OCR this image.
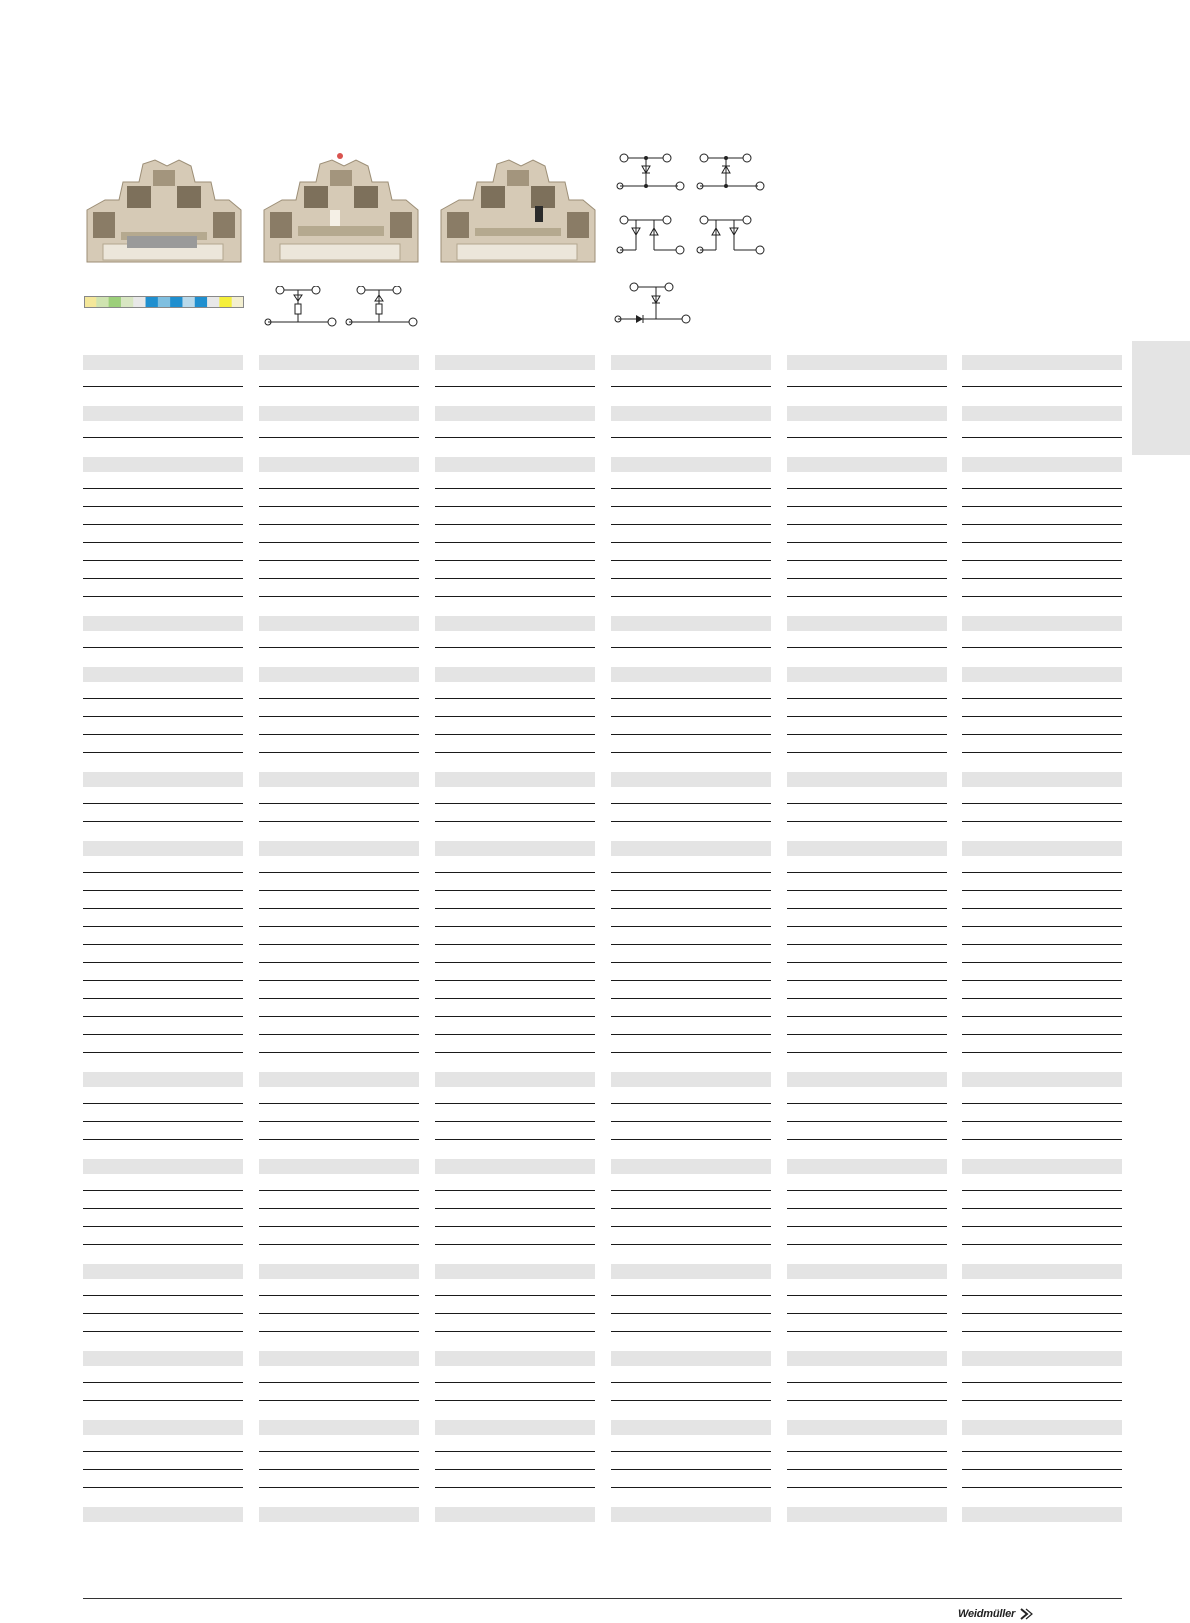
Weidmüller
